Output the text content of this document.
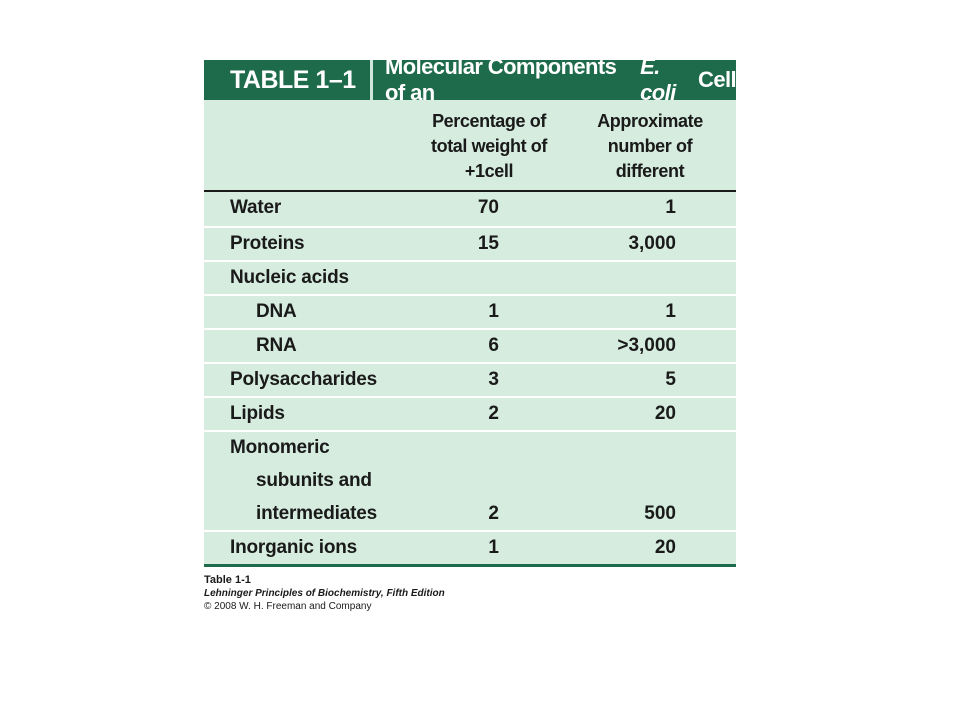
TABLE 1–1	Molecular Components of an
E. coli
Cell
Percentage of
total weight of
+1cell
Approximate
number of
different
Water	70	1
Proteins	15	3,000
Nucleic acids
DNA	1	1
RNA	6	>3,000
Polysaccharides	3	5
Lipids	2	20
Monomeric
subunits and
intermediates	2	500
Inorganic ions	1	20
Table 1-1
Lehninger Principles of Biochemistry, Fifth Edition
© 2008 W. H. Freeman and Company
